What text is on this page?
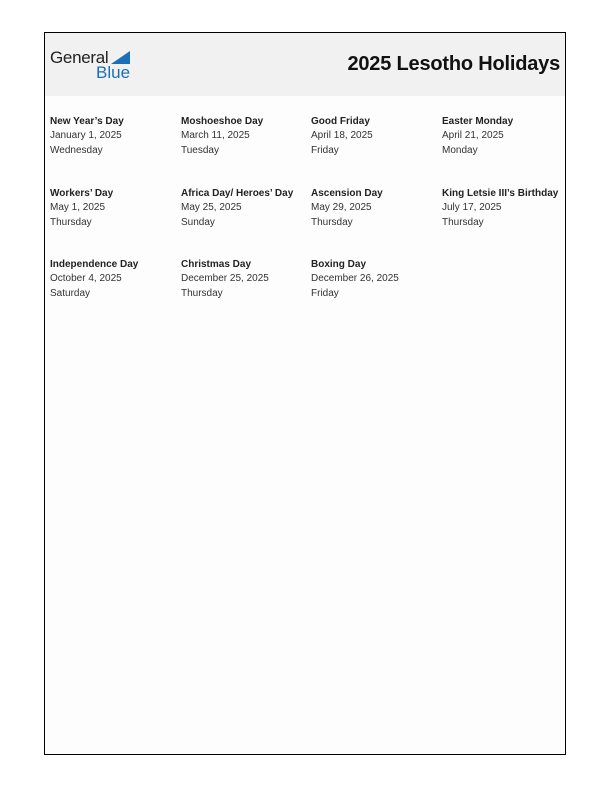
General
Blue	2025 Lesotho Holidays
New Year’s Day
January 1, 2025
Wednesday
Moshoeshoe Day
March 11, 2025
Tuesday
Good Friday
April 18, 2025
Friday
Easter Monday
April 21, 2025
Monday
Workers’ Day
May 1, 2025
Thursday
Africa Day/ Heroes’ Day
May 25, 2025
Sunday
Ascension Day
May 29, 2025
Thursday
King Letsie III’s Birthday
July 17, 2025
Thursday
Independence Day
October 4, 2025
Saturday
Christmas Day
December 25, 2025
Thursday
Boxing Day
December 26, 2025
Friday
